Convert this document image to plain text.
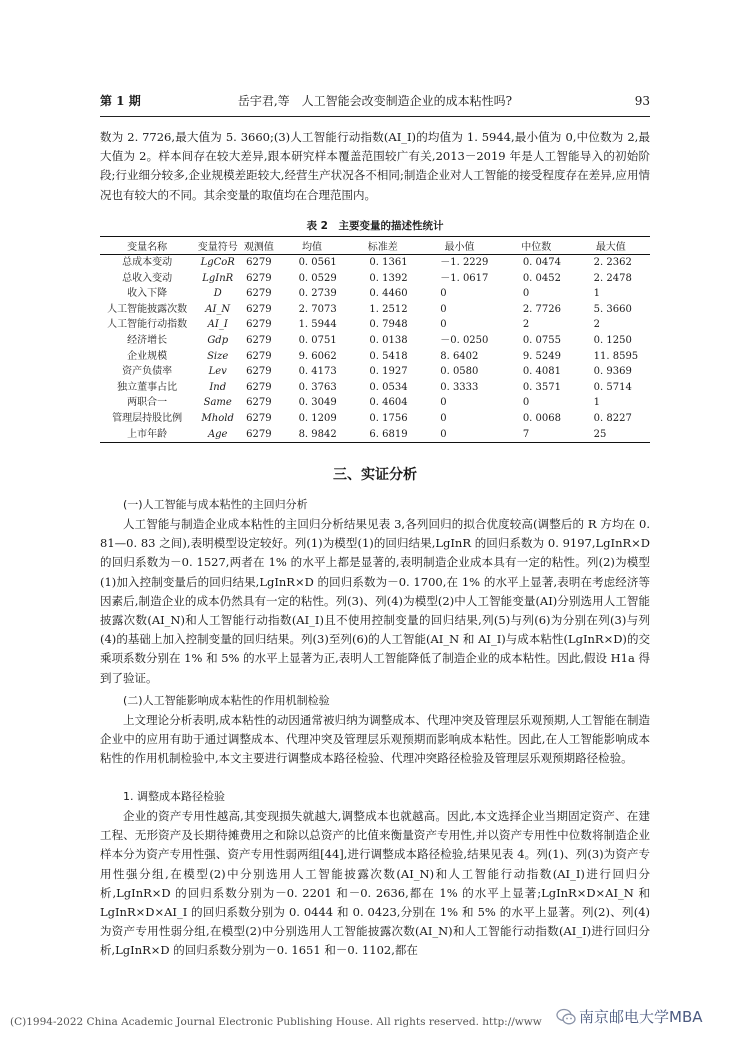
第 1 期	岳宇君,等　人工智能会改变制造企业的成本粘性吗?	93

数为 2. 7726,最大值为 5. 3660;(3)人工智能行动指数(AI_I)的均值为 1. 5944,最小值为 0,中位数为 2,最大值为 2。样本间存在较大差异,跟本研究样本覆盖范围较广有关,2013－2019 年是人工智能导入的初始阶段;行业细分较多,企业规模差距较大,经营生产状况各不相同;制造企业对人工智能的接受程度存在差异,应用情况也有较大的不同。其余变量的取值均在合理范围内。

表 2　主要变量的描述性统计
变量名称	变量符号	观测值	均值	标准差	最小值	中位数	最大值
总成本变动	LgCoR	6279	0. 0561	0. 1361	－1. 2229	0. 0474	2. 2362
总收入变动	LgInR	6279	0. 0529	0. 1392	－1. 0617	0. 0452	2. 2478
收入下降	D	6279	0. 2739	0. 4460	0	0	1
人工智能披露次数	AI_N	6279	2. 7073	1. 2512	0	2. 7726	5. 3660
人工智能行动指数	AI_I	6279	1. 5944	0. 7948	0	2	2
经济增长	Gdp	6279	0. 0751	0. 0138	－0. 0250	0. 0755	0. 1250
企业规模	Size	6279	9. 6062	0. 5418	8. 6402	9. 5249	11. 8595
资产负债率	Lev	6279	0. 4173	0. 1927	0. 0580	0. 4081	0. 9369
独立董事占比	Ind	6279	0. 3763	0. 0534	0. 3333	0. 3571	0. 5714
两职合一	Same	6279	0. 3049	0. 4604	0	0	1
管理层持股比例	Mhold	6279	0. 1209	0. 1756	0	0. 0068	0. 8227
上市年龄	Age	6279	8. 9842	6. 6819	0	7	25
三、实证分析
(一)人工智能与成本粘性的主回归分析

人工智能与制造企业成本粘性的主回归分析结果见表 3,各列回归的拟合优度较高(调整后的 R 方均在 0. 81—0. 83 之间),表明模型设定较好。列(1)为模型(1)的回归结果,LgInR 的回归系数为 0. 9197,LgInR×D 的回归系数为－0. 1527,两者在 1% 的水平上都是显著的,表明制造企业成本具有一定的粘性。列(2)为模型(1)加入控制变量后的回归结果,LgInR×D 的回归系数为－0. 1700,在 1% 的水平上显著,表明在考虑经济等因素后,制造企业的成本仍然具有一定的粘性。列(3)、列(4)为模型(2)中人工智能变量(AI)分别选用人工智能披露次数(AI_N)和人工智能行动指数(AI_I)且不使用控制变量的回归结果,列(5)与列(6)为分别在列(3)与列(4)的基础上加入控制变量的回归结果。列(3)至列(6)的人工智能(AI_N 和 AI_I)与成本粘性(LgInR×D)的交乘项系数分别在 1% 和 5% 的水平上显著为正,表明人工智能降低了制造企业的成本粘性。因此,假设 H1a 得到了验证。

(二)人工智能影响成本粘性的作用机制检验

上文理论分析表明,成本粘性的动因通常被归纳为调整成本、代理冲突及管理层乐观预期,人工智能在制造企业中的应用有助于通过调整成本、代理冲突及管理层乐观预期而影响成本粘性。因此,在人工智能影响成本粘性的作用机制检验中,本文主要进行调整成本路径检验、代理冲突路径检验及管理层乐观预期路径检验。

1. 调整成本路径检验

企业的资产专用性越高,其变现损失就越大,调整成本也就越高。因此,本文选择企业当期固定资产、在建工程、无形资产及长期待摊费用之和除以总资产的比值来衡量资产专用性,并以资产专用性中位数将制造企业样本分为资产专用性强、资产专用性弱两组[44],进行调整成本路径检验,结果见表 4。列(1)、列(3)为资产专用性强分组,在模型(2)中分别选用人工智能披露次数(AI_N)和人工智能行动指数(AI_I)进行回归分析,LgInR×D 的回归系数分别为－0. 2201 和－0. 2636,都在 1% 的水平上显著;LgInR×D×AI_N 和 LgInR×D×AI_I 的回归系数分别为 0. 0444 和 0. 0423,分别在 1% 和 5% 的水平上显著。列(2)、列(4)为资产专用性弱分组,在模型(2)中分别选用人工智能披露次数(AI_N)和人工智能行动指数(AI_I)进行回归分析,LgInR×D 的回归系数分别为－0. 1651 和－0. 1102,都在

(C)1994-2022 China Academic Journal Electronic Publishing House. All rights reserved. http://www	南京邮电大学MBA
